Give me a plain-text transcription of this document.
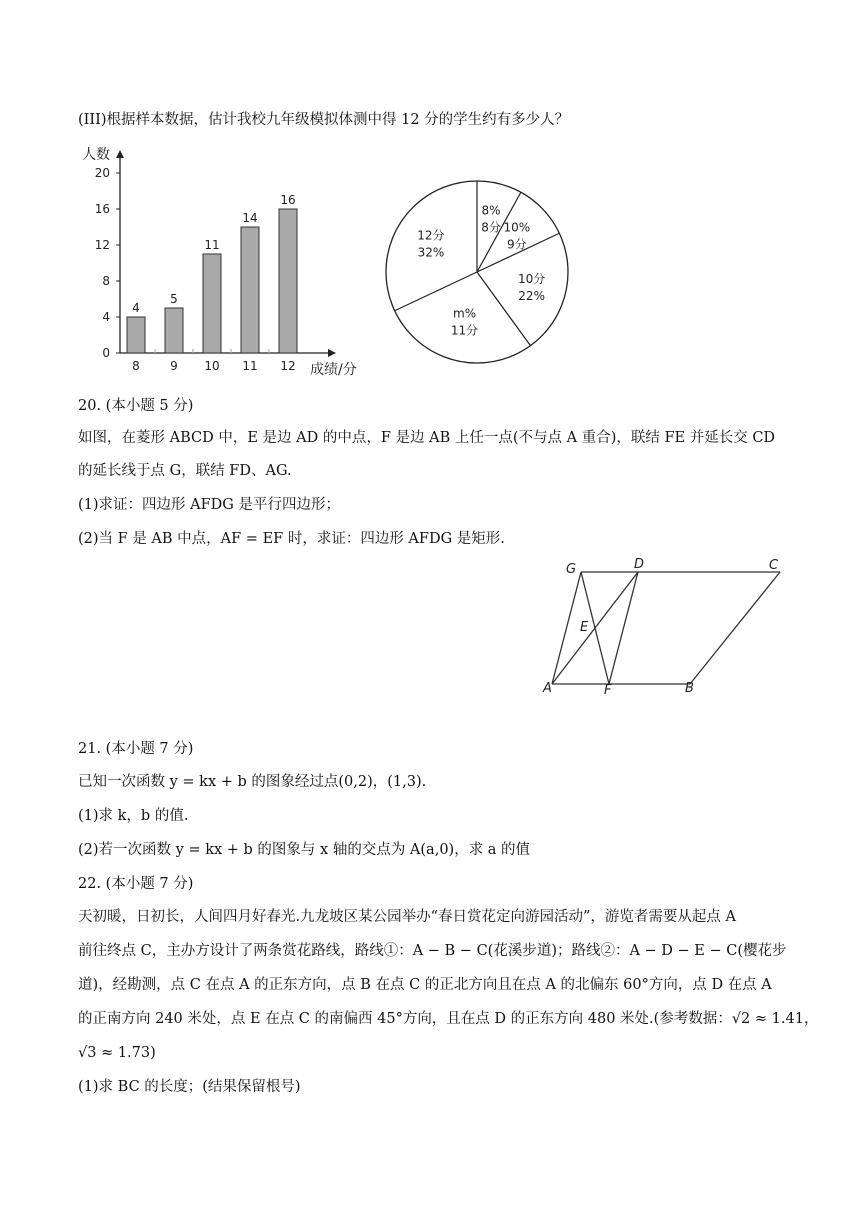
(III)根据样本数据，估计我校九年级模拟体测中得 12 分的学生约有多少人？
0
4
8
12
16
20
4
8
5
9
11
10
14
11
16
12
人数
成绩/分
8%
8分 10%
9分
10分
22%
m%
11分
12分
32%
20. (本小题 5 分)
如图，在菱形 ABCD 中，E 是边 AD 的中点，F 是边 AB 上任一点(不与点 A 重合)，联结 FE 并延长交 CD
的延长线于点 G，联结 FD、AG.
(1)求证：四边形 AFDG 是平行四边形；
(2)当 F 是 AB 中点，AF = EF 时，求证：四边形 AFDG 是矩形.
G	D	C
E
A	F	B
21. (本小题 7 分)
已知一次函数 y = kx + b 的图象经过点(0,2)，(1,3).
(1)求 k，b 的值.
(2)若一次函数 y = kx + b 的图象与 x 轴的交点为 A(a,0)，求 a 的值
22. (本小题 7 分)
天初暖，日初长，人间四月好春光.九龙坡区某公园举办“春日赏花定向游园活动”，游览者需要从起点 A
前往终点 C，主办方设计了两条赏花路线，路线①：A − B − C(花溪步道)；路线②：A − D − E − C(樱花步
道)，经勘测，点 C 在点 A 的正东方向，点 B 在点 C 的正北方向且在点 A 的北偏东 60°方向，点 D 在点 A
的正南方向 240 米处，点 E 在点 C 的南偏西 45°方向，且在点 D 的正东方向 480 米处.(参考数据：√2 ≈ 1.41，
√3 ≈ 1.73)
(1)求 BC 的长度；(结果保留根号)
